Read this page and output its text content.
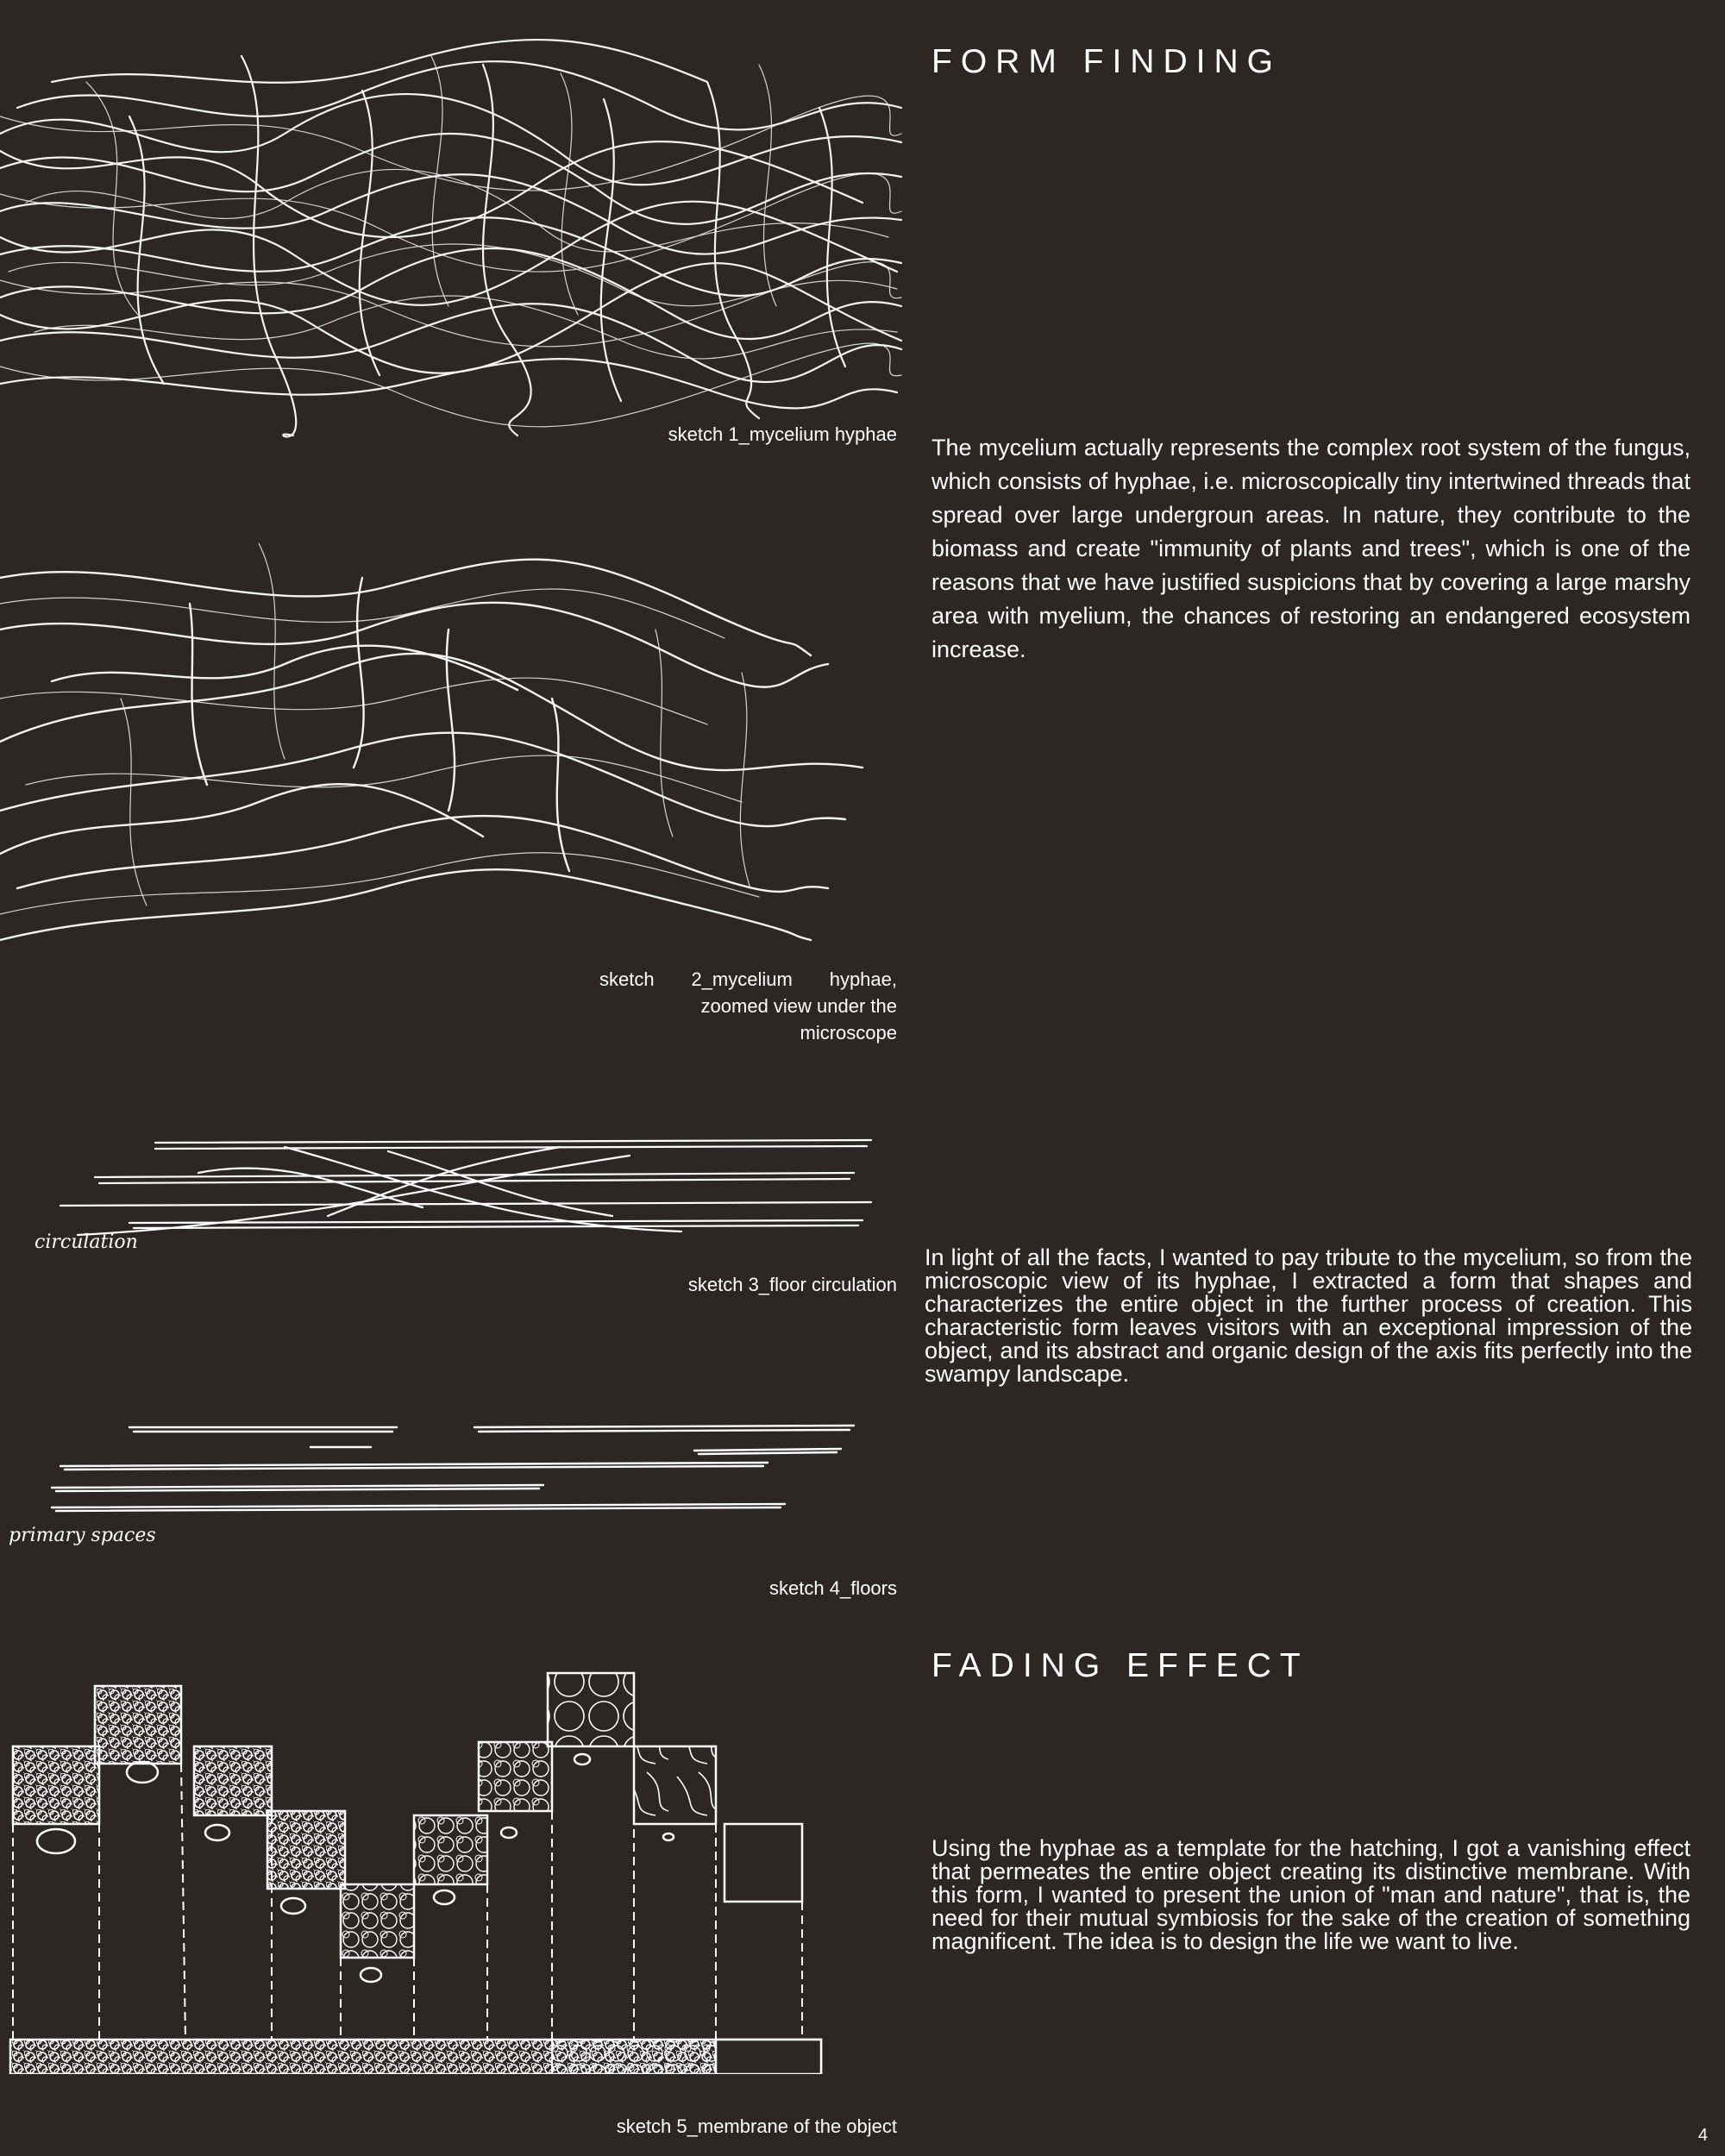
sketch 1_mycelium hyphae
sketch 2_mycelium hyphae,
zoomed view under the microscope
circulation
sketch 3_floor circulation
primary spaces
sketch 4_floors
sketch 5_membrane of the object
FORM FINDING

The mycelium actually represents the complex root system of the fungus, which consists of hyphae, i.e. microscopically tiny intertwined threads that spread over large undergroun areas. In nature, they contribute to the biomass and create "immunity of plants and trees", which is one of the reasons that we have justified suspicions that by covering a large marshy area with myelium, the chances of restoring an endangered ecosystem increase.

In light of all the facts, I wanted to pay tribute to the mycelium, so from the microscopic view of its hyphae, I extracted a form that shapes and characterizes the entire object in the further process of creation. This characteristic form leaves visitors with an exceptional impression of the object, and its abstract and organic design of the axis fits perfectly into the swampy landscape.

FADING EFFECT

Using the hyphae as a template for the hatching, I got a vanishing effect that permeates the entire object creating its distinctive membrane. With this form, I wanted to present the union of "man and nature", that is, the need for their mutual symbiosis for the sake of the creation of something magnificent. The idea is to design the life we want to live.

4
